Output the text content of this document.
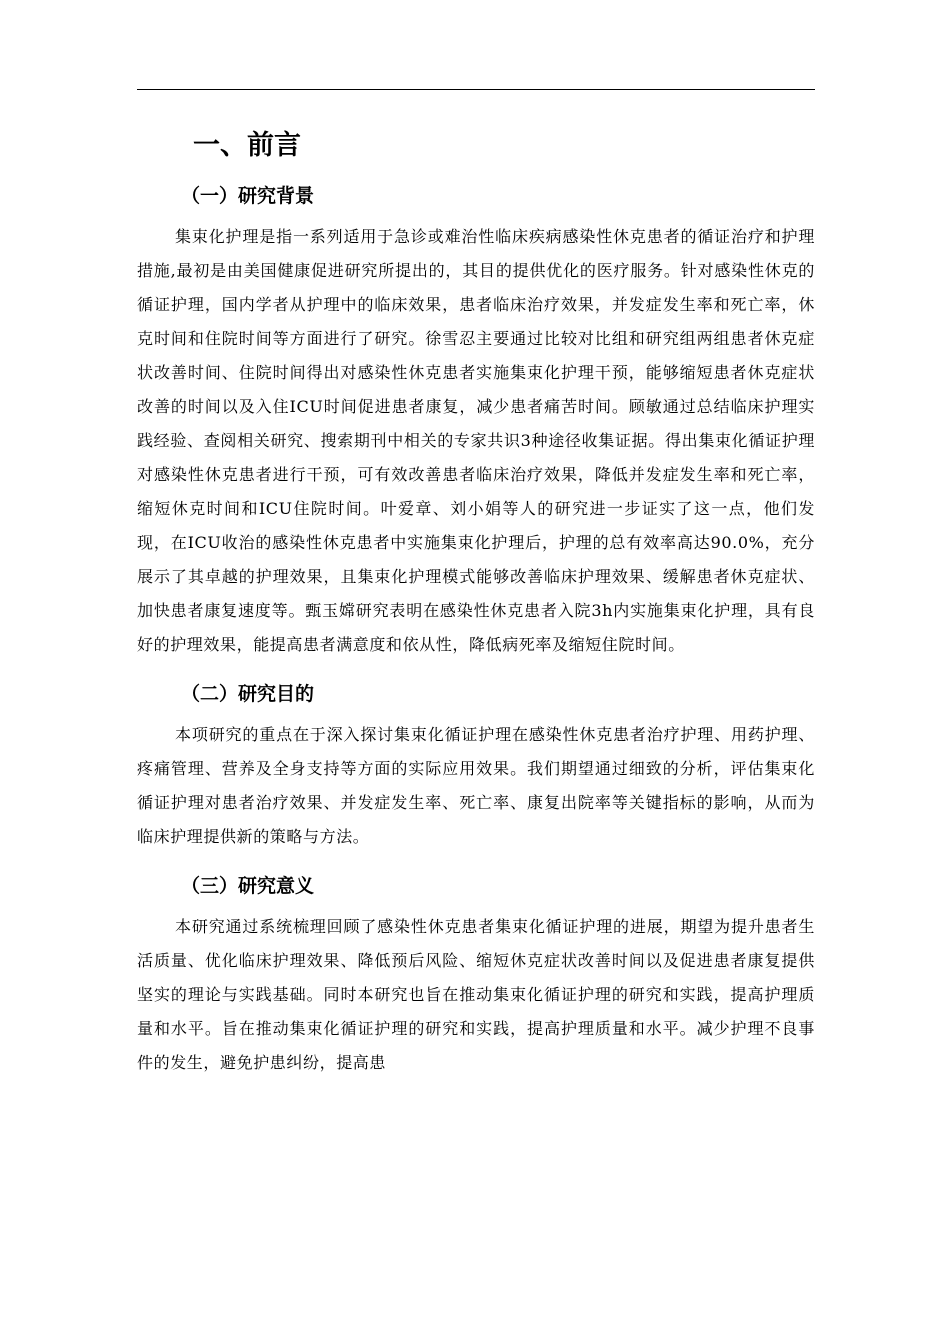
一、前言
（一）研究背景

集束化护理是指一系列适用于急诊或难治性临床疾病感染性休克患者的循证治疗和护理措施,最初是由美国健康促进研究所提出的，其目的提供优化的医疗服务。针对感染性休克的循证护理，国内学者从护理中的临床效果，患者临床治疗效果，并发症发生率和死亡率，休克时间和住院时间等方面进行了研究。徐雪忍主要通过比较对比组和研究组两组患者休克症状改善时间、住院时间得出对感染性休克患者实施集束化护理干预，能够缩短患者休克症状改善的时间以及入住ICU时间促进患者康复，减少患者痛苦时间。顾敏通过总结临床护理实践经验、查阅相关研究、搜索期刊中相关的专家共识3种途径收集证据。得出集束化循证护理对感染性休克患者进行干预，可有效改善患者临床治疗效果，降低并发症发生率和死亡率，缩短休克时间和ICU住院时间。叶爱章、刘小娟等人的研究进一步证实了这一点，他们发现，在ICU收治的感染性休克患者中实施集束化护理后，护理的总有效率高达90.0%，充分展示了其卓越的护理效果，且集束化护理模式能够改善临床护理效果、缓解患者休克症状、加快患者康复速度等。甄玉嫦研究表明在感染性休克患者入院3h内实施集束化护理，具有良好的护理效果，能提高患者满意度和依从性，降低病死率及缩短住院时间。

（二）研究目的

本项研究的重点在于深入探讨集束化循证护理在感染性休克患者治疗护理、用药护理、疼痛管理、营养及全身支持等方面的实际应用效果。我们期望通过细致的分析，评估集束化循证护理对患者治疗效果、并发症发生率、死亡率、康复出院率等关键指标的影响，从而为临床护理提供新的策略与方法。

（三）研究意义

本研究通过系统梳理回顾了感染性休克患者集束化循证护理的进展，期望为提升患者生活质量、优化临床护理效果、降低预后风险、缩短休克症状改善时间以及促进患者康复提供坚实的理论与实践基础。同时本研究也旨在推动集束化循证护理的研究和实践，提高护理质量和水平。旨在推动集束化循证护理的研究和实践，提高护理质量和水平。减少护理不良事件的发生，避免护患纠纷，提高患
